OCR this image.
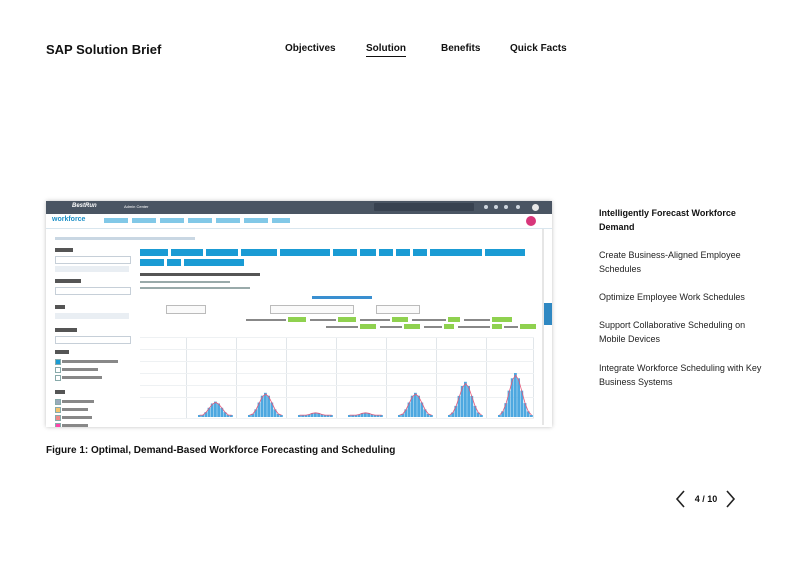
SAP Solution Brief	Objectives	Solution	Benefits	Quick Facts
BestRun	Admin Center
workforce
Figure 1: Optimal, Demand-Based Workforce Forecasting and Scheduling
Intelligently Forecast Workforce Demand
Create Business-Aligned Employee Schedules
Optimize Employee Work Schedules
Support Collaborative Scheduling on Mobile Devices
Integrate Workforce Scheduling with Key Business Systems
4 / 10
